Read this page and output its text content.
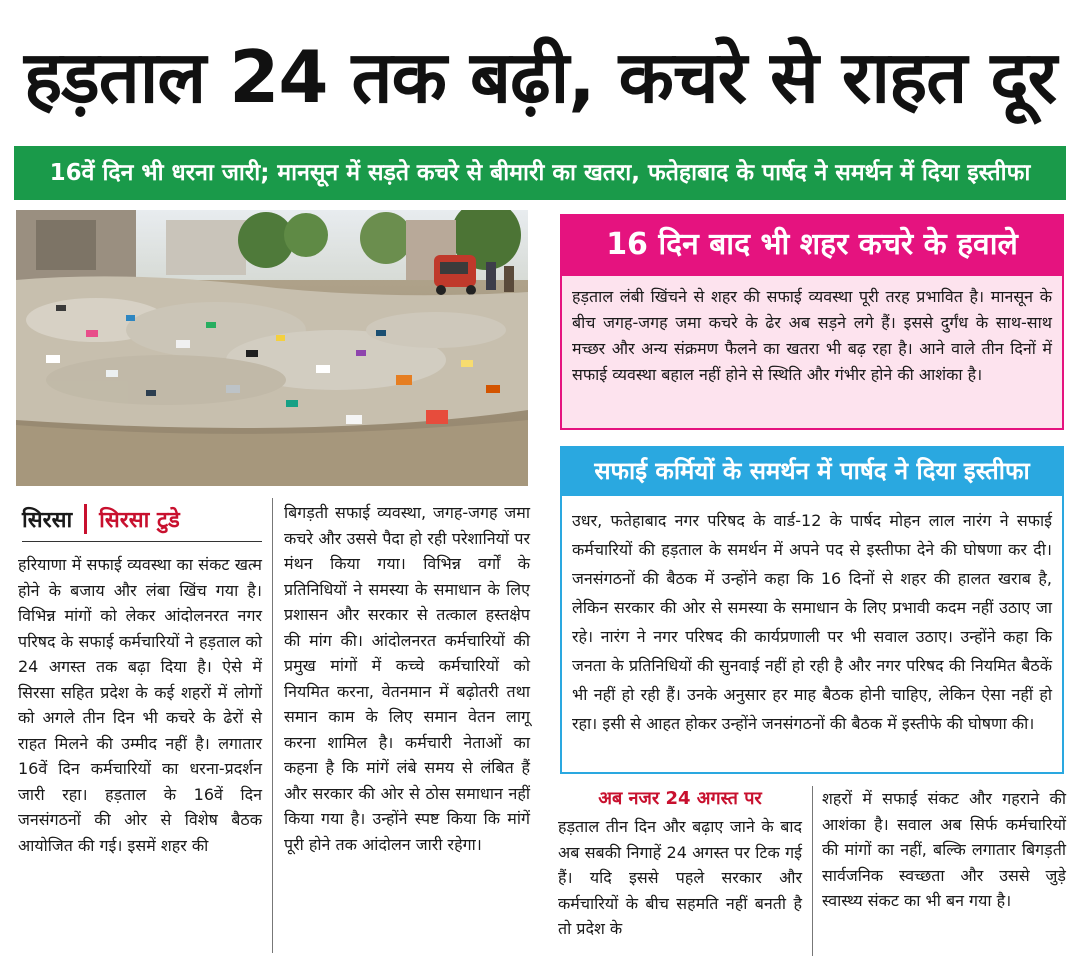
हड़ताल 24 तक बढ़ी, कचरे से राहत दूर
16वें दिन भी धरना जारी; मानसून में सड़ते कचरे से बीमारी का खतरा, फतेहाबाद के पार्षद ने समर्थन में दिया इस्तीफा
सिरसा	सिरसा टुडे
हरियाणा में सफाई व्यवस्था का संकट खत्म होने के बजाय और लंबा खिंच गया है। विभिन्न मांगों को लेकर आंदोलनरत नगर परिषद के सफाई कर्मचारियों ने हड़ताल को 24 अगस्त तक बढ़ा दिया है। ऐसे में सिरसा सहित प्रदेश के कई शहरों में लोगों को अगले तीन दिन भी कचरे के ढेरों से राहत मिलने की उम्मीद नहीं है। लगातार 16वें दिन कर्मचारियों का धरना-प्रदर्शन जारी रहा। हड़ताल के 16वें दिन जनसंगठनों की ओर से विशेष बैठक आयोजित की गई। इसमें शहर की
बिगड़ती सफाई व्यवस्था, जगह-जगह जमा कचरे और उससे पैदा हो रही परेशानियों पर मंथन किया गया। विभिन्न वर्गों के प्रतिनिधियों ने समस्या के समाधान के लिए प्रशासन और सरकार से तत्काल हस्तक्षेप की मांग की। आंदोलनरत कर्मचारियों की प्रमुख मांगों में कच्चे कर्मचारियों को नियमित करना, वेतनमान में बढ़ोतरी तथा समान काम के लिए समान वेतन लागू करना शामिल है। कर्मचारी नेताओं का कहना है कि मांगें लंबे समय से लंबित हैं और सरकार की ओर से ठोस समाधान नहीं किया गया है। उन्होंने स्पष्ट किया कि मांगें पूरी होने तक आंदोलन जारी रहेगा।
16 दिन बाद भी शहर कचरे के हवाले
हड़ताल लंबी खिंचने से शहर की सफाई व्यवस्था पूरी तरह प्रभावित है। मानसून के बीच जगह-जगह जमा कचरे के ढेर अब सड़ने लगे हैं। इससे दुर्गंध के साथ-साथ मच्छर और अन्य संक्रमण फैलने का खतरा भी बढ़ रहा है। आने वाले तीन दिनों में सफाई व्यवस्था बहाल नहीं होने से स्थिति और गंभीर होने की आशंका है।
सफाई कर्मियों के समर्थन में पार्षद ने दिया इस्तीफा
उधर, फतेहाबाद नगर परिषद के वार्ड-12 के पार्षद मोहन लाल नारंग ने सफाई कर्मचारियों की हड़ताल के समर्थन में अपने पद से इस्तीफा देने की घोषणा कर दी। जनसंगठनों की बैठक में उन्होंने कहा कि 16 दिनों से शहर की हालत खराब है, लेकिन सरकार की ओर से समस्या के समाधान के लिए प्रभावी कदम नहीं उठाए जा रहे। नारंग ने नगर परिषद की कार्यप्रणाली पर भी सवाल उठाए। उन्होंने कहा कि जनता के प्रतिनिधियों की सुनवाई नहीं हो रही है और नगर परिषद की नियमित बैठकें भी नहीं हो रही हैं। उनके अनुसार हर माह बैठक होनी चाहिए, लेकिन ऐसा नहीं हो रहा। इसी से आहत होकर उन्होंने जनसंगठनों की बैठक में इस्तीफे की घोषणा की।
अब नजर 24 अगस्त पर
हड़ताल तीन दिन और बढ़ाए जाने के बाद अब सबकी निगाहें 24 अगस्त पर टिक गई हैं। यदि इससे पहले सरकार और कर्मचारियों के बीच सहमति नहीं बनती है तो प्रदेश के
शहरों में सफाई संकट और गहराने की आशंका है। सवाल अब सिर्फ कर्मचारियों की मांगों का नहीं, बल्कि लगातार बिगड़ती सार्वजनिक स्वच्छता और उससे जुड़े स्वास्थ्य संकट का भी बन गया है।
